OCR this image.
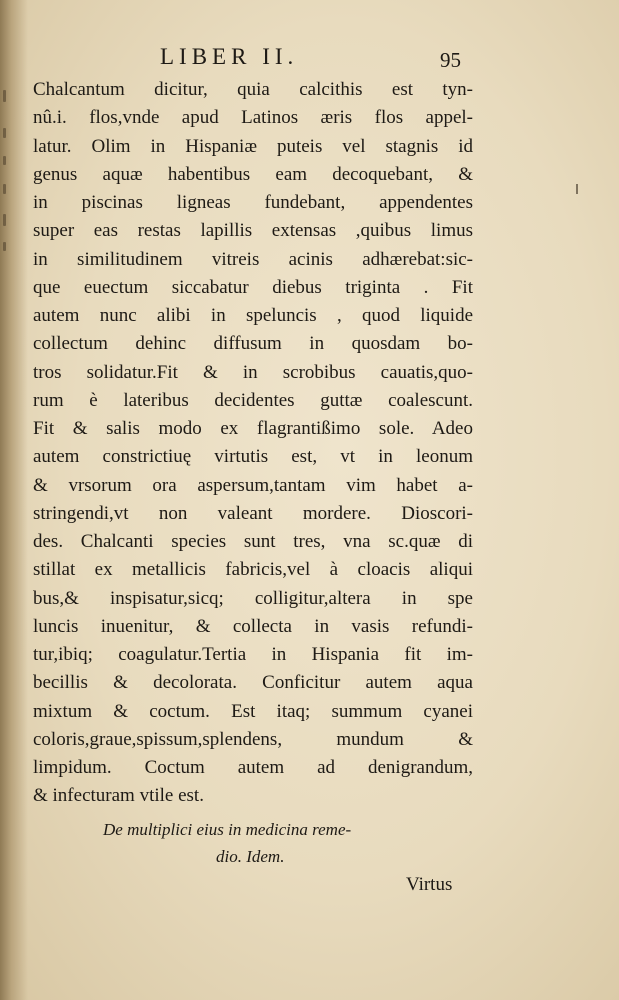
LIBER II.	95
Chalcantum dicitur, quia calcithis est tyn-
nû.i. flos,vnde apud Latinos æris flos appel-
latur. Olim in Hispaniæ puteis vel stagnis id
genus aquæ habentibus eam decoquebant, &
in piscinas ligneas fundebant, appendentes
super eas restas lapillis extensas ,quibus limus
in similitudinem vitreis acinis adhærebat:sic-
que euectum siccabatur diebus triginta . Fit
autem nunc alibi in speluncis , quod liquide
collectum dehinc diffusum in quosdam bo-
tros solidatur.Fit & in scrobibus cauatis,quo-
rum è lateribus decidentes guttæ coalescunt.
Fit & salis modo ex flagrantißimo sole. Adeo
autem constrictiuę virtutis est, vt in leonum
& vrsorum ora aspersum,tantam vim habet a-
stringendi,vt non valeant mordere. Dioscori-
des. Chalcanti species sunt tres, vna sc.quæ di
stillat ex metallicis fabricis,vel à cloacis aliqui
bus,& inspisatur,sicq; colligitur,altera in spe
luncis inuenitur, & collecta in vasis refundi-
tur,ibiq; coagulatur.Tertia in Hispania fit im-
becillis & decolorata. Conficitur autem aqua
mixtum & coctum. Est itaq; summum cyanei
coloris,graue,spissum,splendens, mundum &
limpidum. Coctum autem ad denigrandum,
& infecturam vtile est.
De multiplici eius in medicina reme-
dio. Idem.
Virtus
